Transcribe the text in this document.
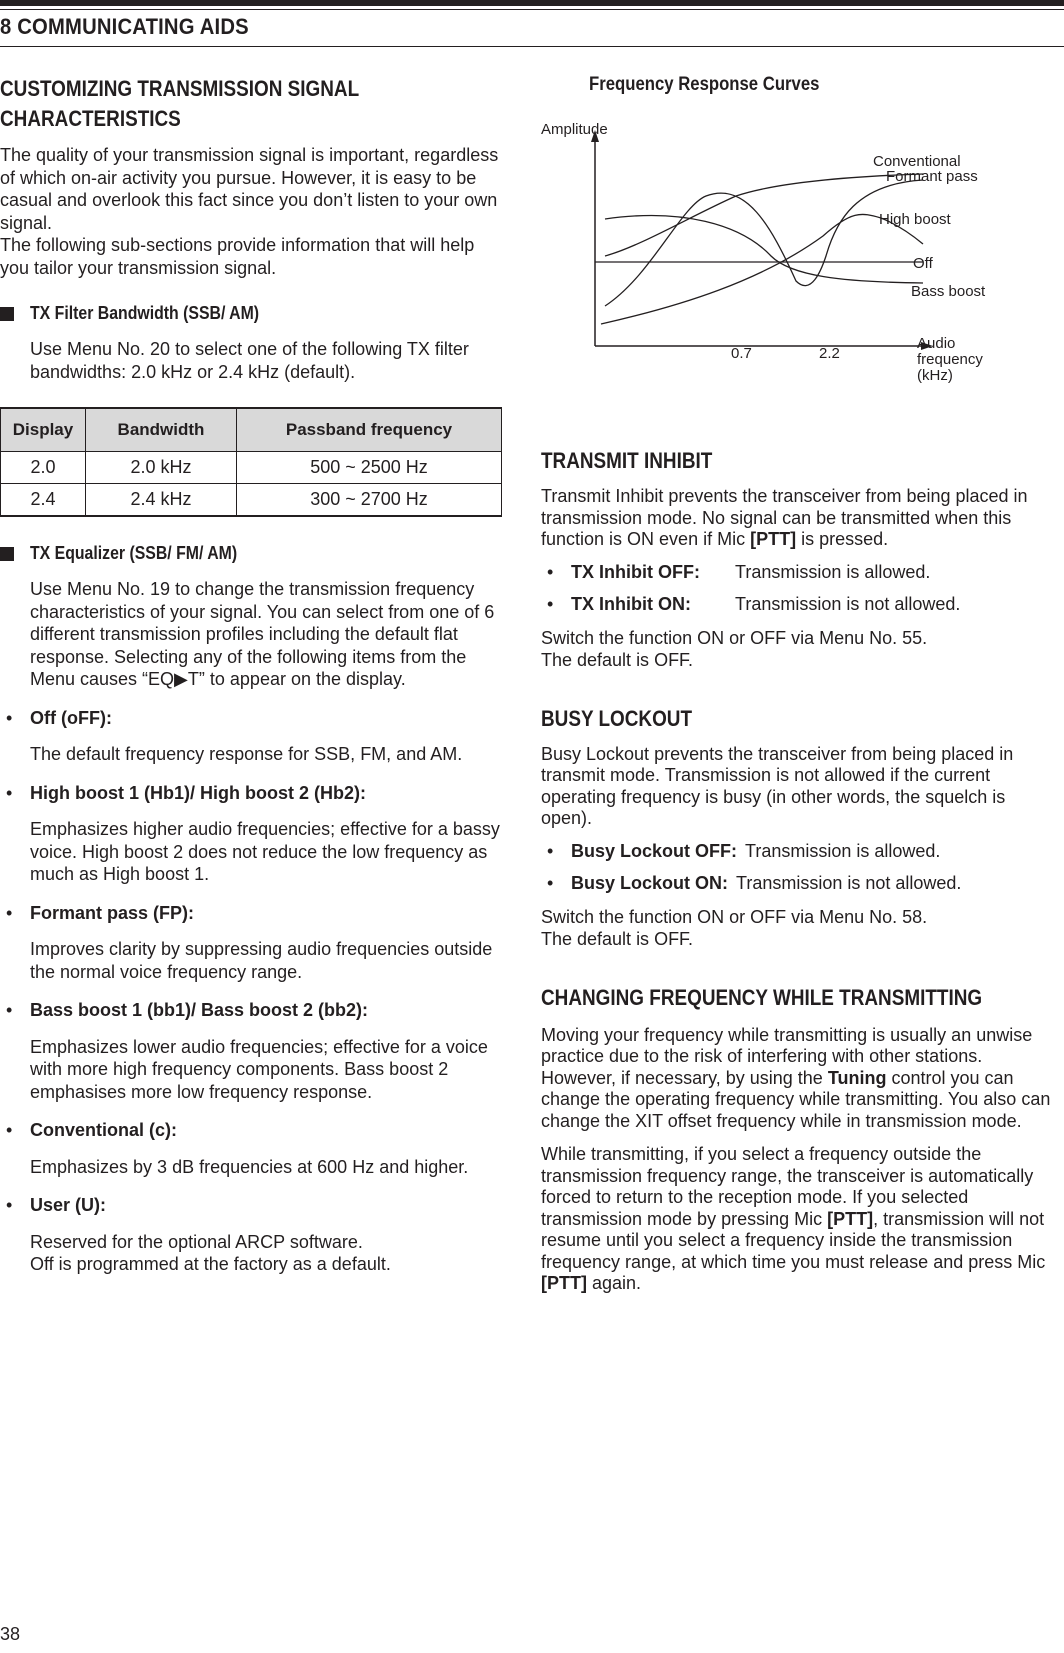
8 COMMUNICATING AIDS
CUSTOMIZING TRANSMISSION SIGNAL
CHARACTERISTICS

The quality of your transmission signal is important, regardless of which on-air activity you pursue. However, it is easy to be casual and overlook this fact since you don’t listen to your own signal.

The following sub-sections provide information that will help you tailor your transmission signal.

TX Filter Bandwidth (SSB/ AM)

Use Menu No. 20 to select one of the following TX filter bandwidths: 2.0 kHz or 2.4 kHz (default).

Display	Bandwidth	Passband frequency
2.0	2.0 kHz	500 ~ 2500 Hz
2.4	2.4 kHz	300 ~ 2700 Hz
TX Equalizer (SSB/ FM/ AM)

Use Menu No. 19 to change the transmission frequency characteristics of your signal. You can select from one of 6 different transmission profiles including the default flat response. Selecting any of the following items from the Menu causes “EQ▶T” to appear on the display.

• Off (oFF):
The default frequency response for SSB, FM, and AM.
• High boost 1 (Hb1)/ High boost 2 (Hb2):
Emphasizes higher audio frequencies; effective for a bassy voice. High boost 2 does not reduce the low frequency as much as High boost 1.
• Formant pass (FP):
Improves clarity by suppressing audio frequencies outside the normal voice frequency range.
• Bass boost 1 (bb1)/ Bass boost 2 (bb2):
Emphasizes lower audio frequencies; effective for a voice with more high frequency components. Bass boost 2 emphasises more low frequency response.
• Conventional (c):
Emphasizes by 3 dB frequencies at 600 Hz and higher.
• User (U):
Reserved for the optional ARCP software.
Off is programmed at the factory as a default.
Frequency Response Curves
Amplitude
Conventional
Formant pass
High boost
Off
Bass boost
0.7	2.2
Audio
frequency
(kHz)
TRANSMIT INHIBIT

Transmit Inhibit prevents the transceiver from being placed in transmission mode. No signal can be transmitted when this function is ON even if Mic [PTT] is pressed.

• TX Inhibit OFF:	Transmission is allowed.
• TX Inhibit ON:	Transmission is not allowed.

Switch the function ON or OFF via Menu No. 55.

The default is OFF.

BUSY LOCKOUT

Busy Lockout prevents the transceiver from being placed in transmit mode. Transmission is not allowed if the current operating frequency is busy (in other words, the squelch is open).

• Busy Lockout OFF: Transmission is allowed.
• Busy Lockout ON: Transmission is not allowed.

Switch the function ON or OFF via Menu No. 58.

The default is OFF.

CHANGING FREQUENCY WHILE TRANSMITTING

Moving your frequency while transmitting is usually an unwise practice due to the risk of interfering with other stations. However, if necessary, by using the Tuning control you can change the operating frequency while transmitting. You also can change the XIT offset frequency while in transmission mode.

While transmitting, if you select a frequency outside the transmission frequency range, the transceiver is automatically forced to return to the reception mode. If you selected transmission mode by pressing Mic [PTT], transmission will not resume until you select a frequency inside the transmission frequency range, at which time you must release and press Mic [PTT] again.

38
